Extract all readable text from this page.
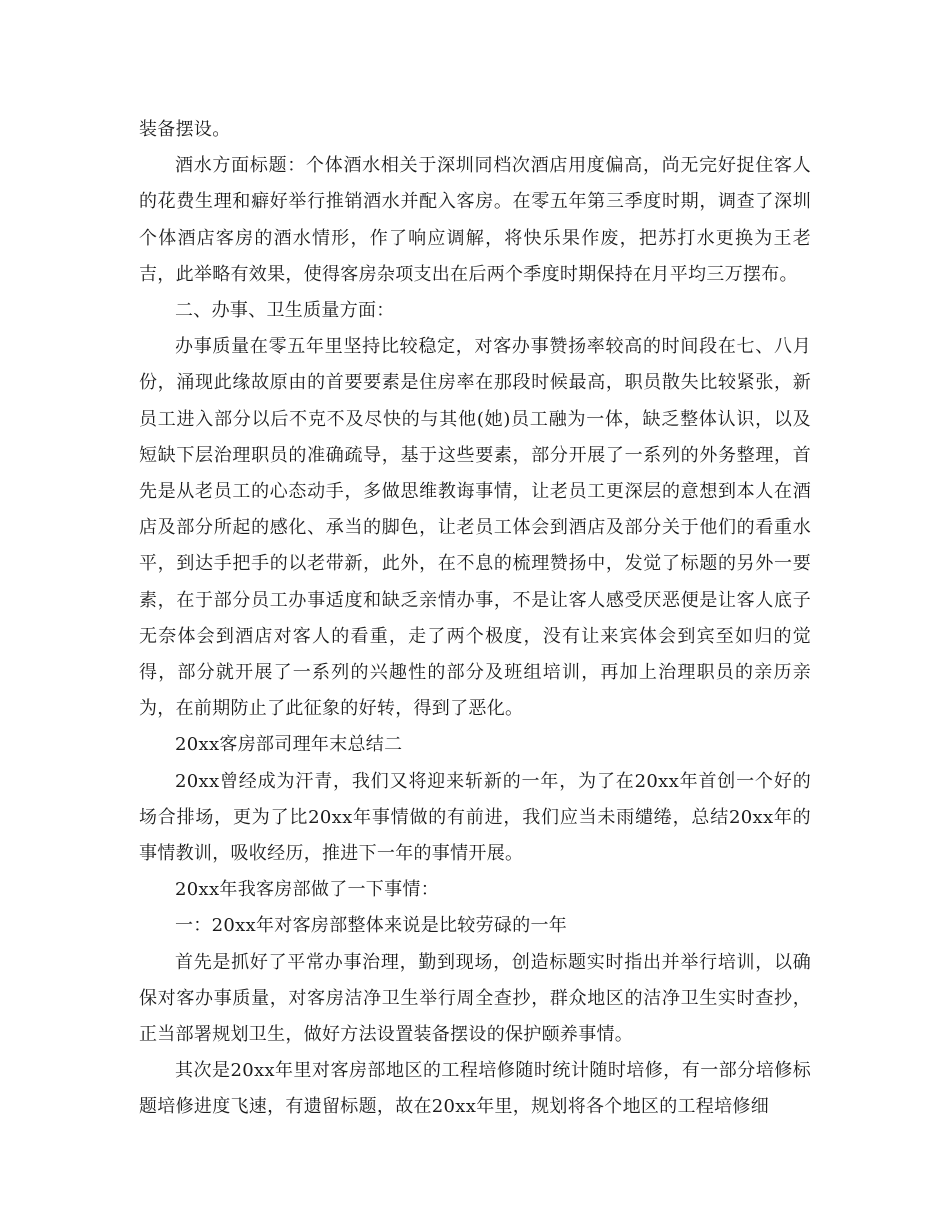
装备摆设。

酒水方面标题：个体酒水相关于深圳同档次酒店用度偏高，尚无完好捉住客人的花费生理和癖好举行推销酒水并配入客房。在零五年第三季度时期，调查了深圳个体酒店客房的酒水情形，作了响应调解，将快乐果作废，把苏打水更换为王老吉，此举略有效果，使得客房杂项支出在后两个季度时期保持在月平均三万摆布。

二、办事、卫生质量方面：

办事质量在零五年里坚持比较稳定，对客办事赞扬率较高的时间段在七、八月份，涌现此缘故原由的首要要素是住房率在那段时候最高，职员散失比较紧张，新员工进入部分以后不克不及尽快的与其他(她)员工融为一体，缺乏整体认识，以及短缺下层治理职员的准确疏导，基于这些要素，部分开展了一系列的外务整理，首先是从老员工的心态动手，多做思维教诲事情，让老员工更深层的意想到本人在酒店及部分所起的感化、承当的脚色，让老员工体会到酒店及部分关于他们的看重水平，到达手把手的以老带新，此外，在不息的梳理赞扬中，发觉了标题的另外一要素，在于部分员工办事适度和缺乏亲情办事，不是让客人感受厌恶便是让客人底子无奈体会到酒店对客人的看重，走了两个极度，没有让来宾体会到宾至如归的觉得，部分就开展了一系列的兴趣性的部分及班组培训，再加上治理职员的亲历亲为，在前期防止了此征象的好转，得到了恶化。

20xx客房部司理年末总结二

20xx曾经成为汗青，我们又将迎来斩新的一年，为了在20xx年首创一个好的场合排场，更为了比20xx年事情做的有前进，我们应当未雨缱绻，总结20xx年的事情教训，吸收经历，推进下一年的事情开展。

20xx年我客房部做了一下事情：

一：20xx年对客房部整体来说是比较劳碌的一年

首先是抓好了平常办事治理，勤到现场，创造标题实时指出并举行培训，以确保对客办事质量，对客房洁净卫生举行周全查抄，群众地区的洁净卫生实时查抄，正当部署规划卫生，做好方法设置装备摆设的保护颐养事情。

其次是20xx年里对客房部地区的工程培修随时统计随时培修，有一部分培修标题培修进度飞速，有遗留标题，故在20xx年里，规划将各个地区的工程培修细
